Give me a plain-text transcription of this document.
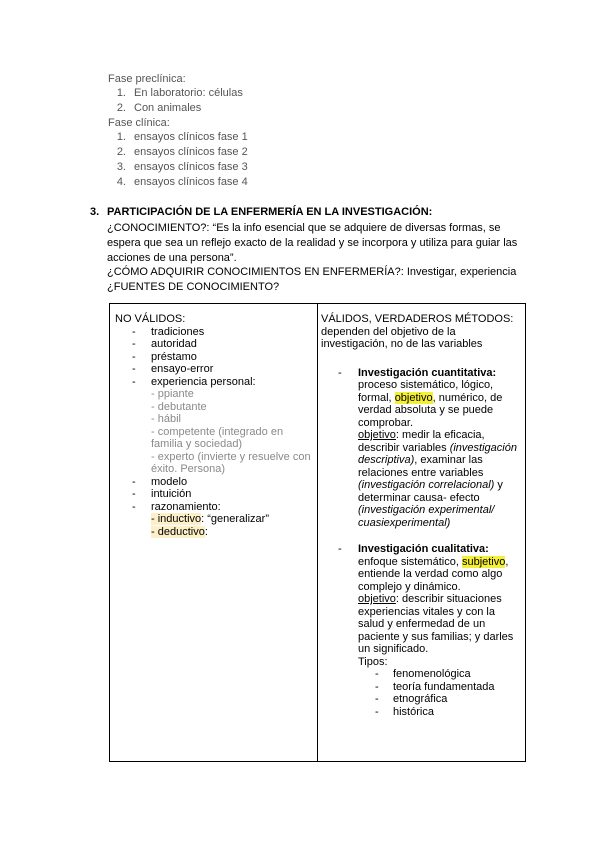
Fase preclínica:
1. En laboratorio: células
2. Con animales
Fase clínica:
1. ensayos clínicos fase 1
2. ensayos clínicos fase 2
3. ensayos clínicos fase 3
4. ensayos clínicos fase 4
3. PARTICIPACIÓN DE LA ENFERMERÍA EN LA INVESTIGACIÓN:
¿CONOCIMIENTO?: “Es la info esencial que se adquiere de diversas formas, se
espera que sea un reflejo exacto de la realidad y se incorpora y utiliza para guiar las
acciones de una persona”.
¿CÓMO ADQUIRIR CONOCIMIENTOS EN ENFERMERÍA?: Investigar, experiencia
¿FUENTES DE CONOCIMIENTO?

NO VÁLIDOS:

-	tradiciones
-	autoridad
-	préstamo
-	ensayo-error
-	experiencia personal:
- ppiante
- debutante
- hábil
- competente (integrado en
familia y sociedad)
- experto (invierte y resuelve con
éxito. Persona)
-	modelo
-	intuición
-	razonamiento:
- inductivo: “generalizar”
- deductivo:

VÁLIDOS, VERDADEROS MÉTODOS:

dependen del objetivo de la

investigación, no de las variables

- Investigación cuantitativa:

proceso sistemático, lógico,

formal, objetivo, numérico, de

verdad absoluta y se puede

comprobar.

objetivo: medir la eficacia,

describir variables (investigación

descriptiva), examinar las

relaciones entre variables

(investigación correlacional) y

determinar causa- efecto

(investigación experimental/

cuasiexperimental)

- Investigación cualitativa:

enfoque sistemático, subjetivo,

entiende la verdad como algo

complejo y dinámico.

objetivo: describir situaciones

experiencias vitales y con la

salud y enfermedad de un

paciente y sus familias; y darles

un significado.

Tipos:

-	fenomenológica
-	teoría fundamentada
-	etnográfica
-	histórica
